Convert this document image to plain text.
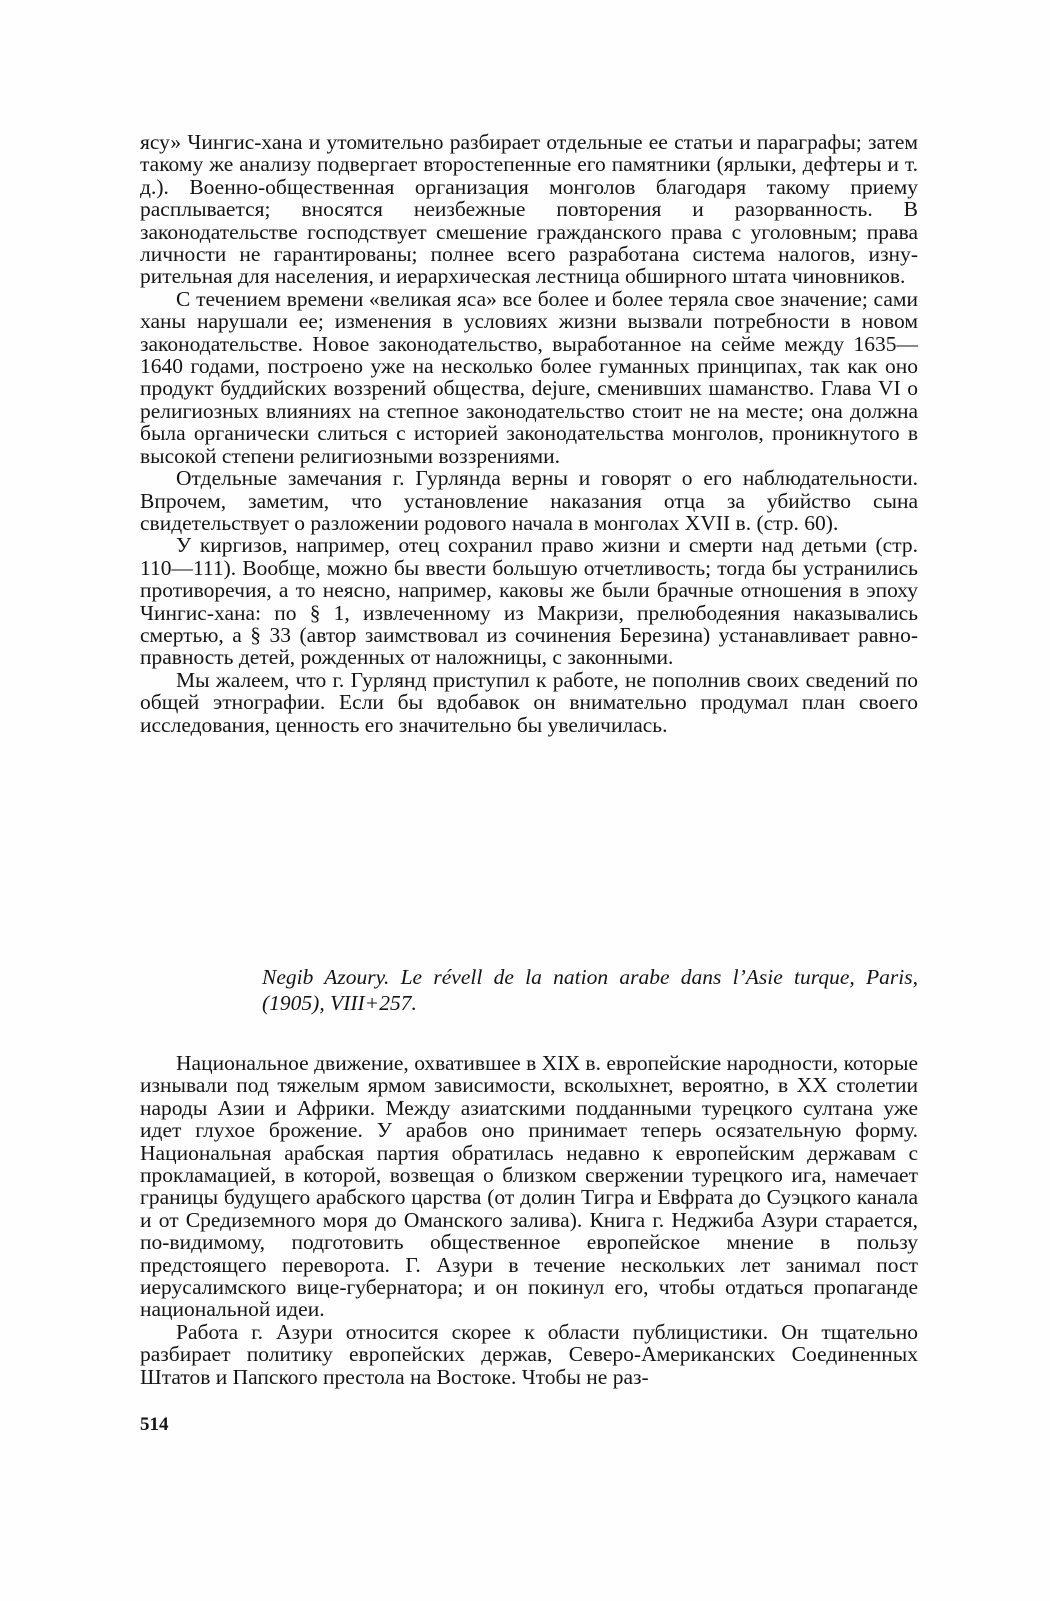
ясу» Чингис-хана и утомительно разбирает отдельные ее статьи и параграфы; затем такому же анализу подвергает второстепенные его памятники (ярлыки, дефтеры и т. д.). Военно-общественная организация монголов благодаря такому приему расплывается; вносятся неизбежные повторения и разорванность. В законодательстве господствует смешение гражданского права с уголовным; права личности не гарантированы; полнее всего разработана система налогов, изнурительная для населения, и иерархическая лестница обширного штата чиновников.

С течением времени «великая яса» все более и более теряла свое значение; сами ханы нарушали ее; изменения в условиях жизни вызвали потребности в новом законодательстве. Новое законодательство, выработанное на сейме между 1635—1640 годами, построено уже на несколько более гуманных принципах, так как оно продукт буддийских воззрений общества, dejure, сменивших шаманство. Глава VI о религиозных влияниях на степное законодательство стоит не на месте; она должна была органически слиться с историей законодательства монголов, проникнутого в высокой степени религиозными воззрениями.

Отдельные замечания г. Гурлянда верны и говорят о его наблюдательности. Впрочем, заметим, что установление наказания отца за убийство сына свидетельствует о разложении родового начала в монголах XVII в. (стр. 60).

У киргизов, например, отец сохранил право жизни и смерти над детьми (стр. 110—111). Вообще, можно бы ввести большую отчетливость; тогда бы устранились противоречия, а то неясно, например, каковы же были брачные отношения в эпоху Чингис-хана: по § 1, извлеченному из Макризи, прелюбодеяния наказывались смертью, а § 33 (автор заимствовал из сочинения Березина) устанавливает равноправность детей, рожденных от наложницы, с законными.

Мы жалеем, что г. Гурлянд приступил к работе, не пополнив своих сведений по общей этнографии. Если бы вдобавок он внимательно продумал план своего исследования, ценность его значительно бы увеличилась.

Negib Azoury. Le révell de la nation arabe dans l’Asie turque, Paris, (1905), VIII+257.

Национальное движение, охватившее в XIX в. европейские народности, которые изнывали под тяжелым ярмом зависимости, всколыхнет, вероятно, в XX столетии народы Азии и Африки. Между азиатскими подданными турецкого султана уже идет глухое брожение. У арабов оно принимает теперь осязательную форму. Национальная арабская партия обратилась недавно к европейским державам с прокламацией, в которой, возвещая о близком свержении турецкого ига, намечает границы будущего арабского царства (от долин Тигра и Евфрата до Суэцкого канала и от Средиземного моря до Оманского залива). Книга г. Неджиба Азури старается, по-видимому, подготовить общественное европейское мнение в пользу предстоящего переворота. Г. Азури в течение нескольких лет занимал пост иерусалимского вице-губернатора; и он покинул его, чтобы отдаться пропаганде национальной идеи.

Работа г. Азури относится скорее к области публицистики. Он тщательно разбирает политику европейских держав, Северо-Американских Соединенных Штатов и Папского престола на Востоке. Чтобы не раз-

514
